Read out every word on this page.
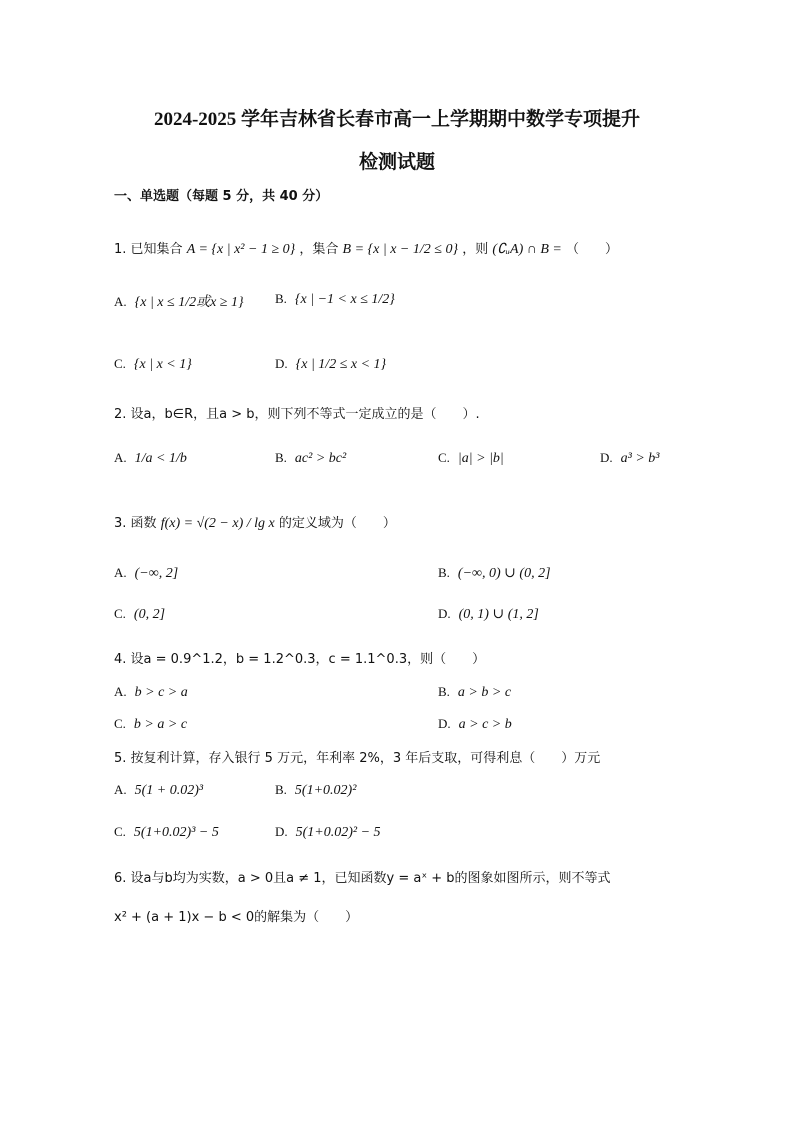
2024-2025 学年吉林省长春市高一上学期期中数学专项提升
检测试题
一、单选题（每题 5 分，共 40 分）
1. 已知集合 A = {x | x² − 1 ≥ 0} ，集合 B = {x | x − 1/2 ≤ 0} ，则 (∁ᵤA) ∩ B = （　　）
A. {x | x ≤ 1/2或x ≥ 1} B. {x | −1 < x ≤ 1/2}
C. {x | x < 1}	D. {x | 1/2 ≤ x < 1}
2. 设a，b∈R，且a > b，则下列不等式一定成立的是（　　）.
A. 1/a < 1/b	B. ac² > bc²	C. |a| > |b|	D. a³ > b³
3. 函数 f(x) = √(2 − x) / lg x 的定义域为（　　）
A. (−∞, 2]	B. (−∞, 0) ∪ (0, 2]
C. (0, 2]	D. (0, 1) ∪ (1, 2]
4. 设a = 0.9^1.2，b = 1.2^0.3，c = 1.1^0.3，则（　　）
A. b > c > a	B. a > b > c
C. b > a > c	D. a > c > b
5. 按复利计算，存入银行 5 万元，年利率 2%，3 年后支取，可得利息（　　）万元
A. 5(1 + 0.02)³	B. 5(1+0.02)²
C. 5(1+0.02)³ − 5	D. 5(1+0.02)² − 5
6. 设a与b均为实数，a > 0且a ≠ 1，已知函数y = aˣ + b的图象如图所示，则不等式
x² + (a + 1)x − b < 0的解集为（　　）
